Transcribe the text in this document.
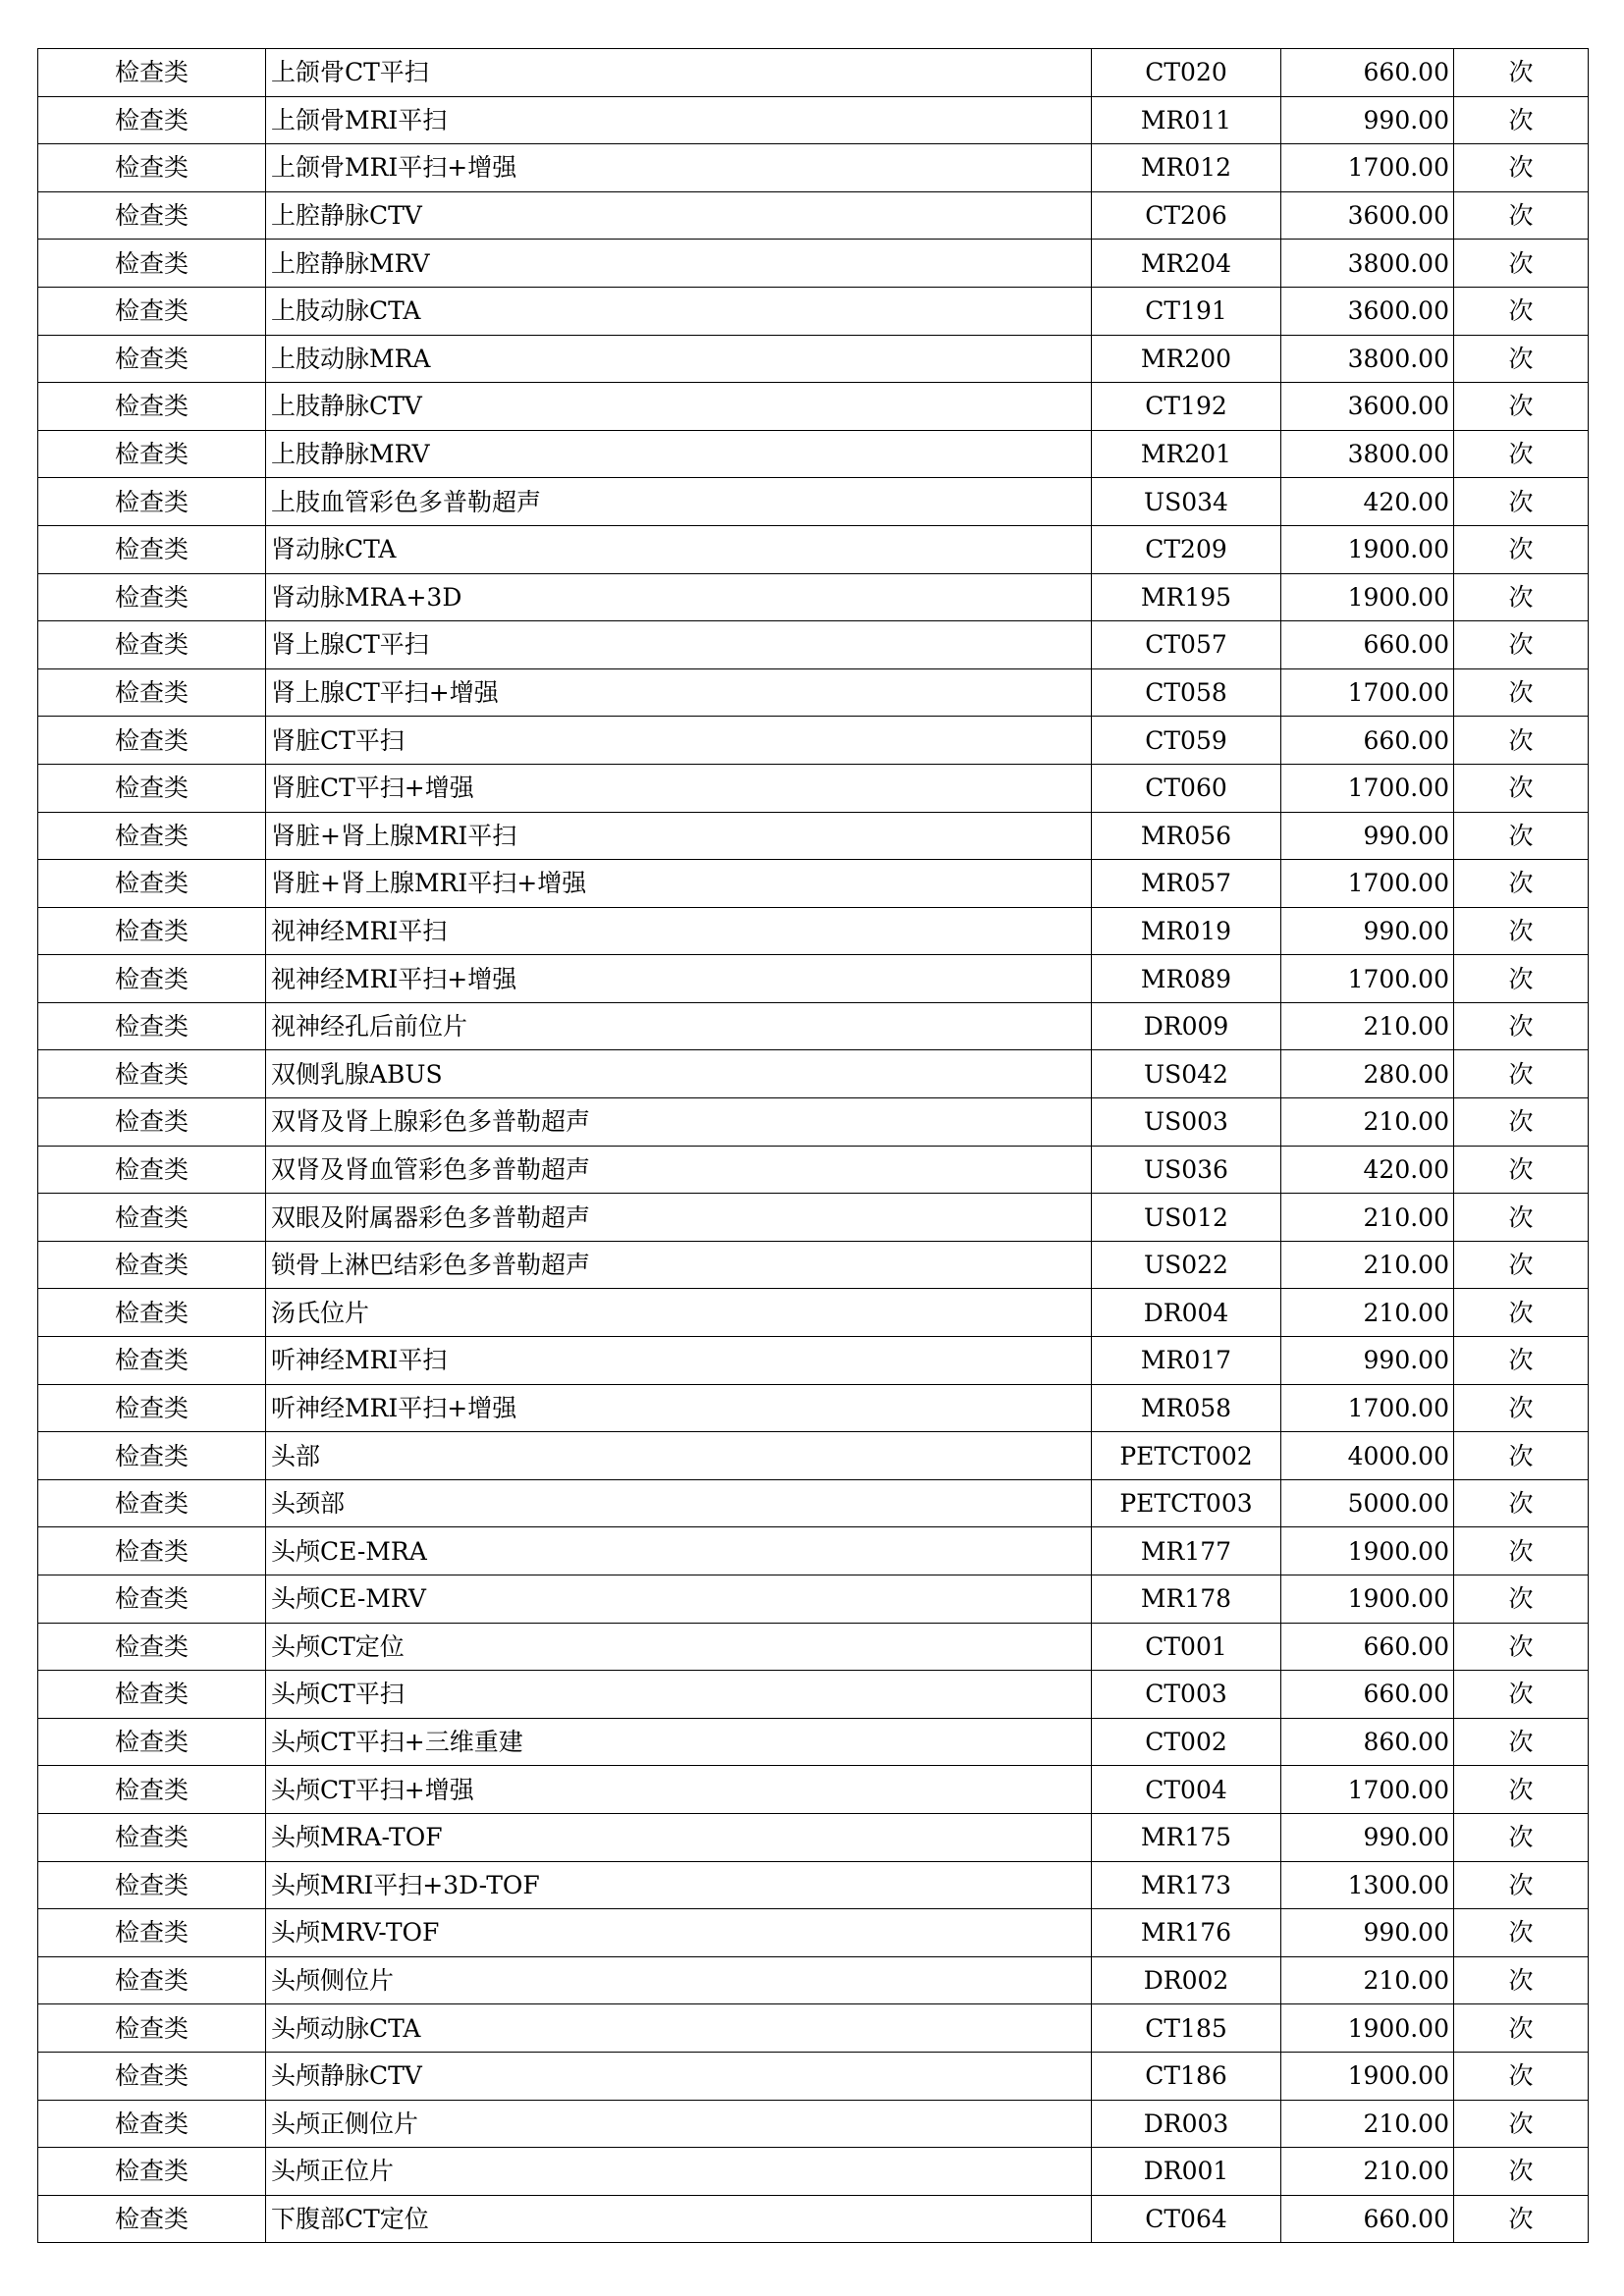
检查类	上颌骨CT平扫	CT020	660.00	次
检查类	上颌骨MRI平扫	MR011	990.00	次
检查类	上颌骨MRI平扫+增强	MR012	1700.00	次
检查类	上腔静脉CTV	CT206	3600.00	次
检查类	上腔静脉MRV	MR204	3800.00	次
检查类	上肢动脉CTA	CT191	3600.00	次
检查类	上肢动脉MRA	MR200	3800.00	次
检查类	上肢静脉CTV	CT192	3600.00	次
检查类	上肢静脉MRV	MR201	3800.00	次
检查类	上肢血管彩色多普勒超声	US034	420.00	次
检查类	肾动脉CTA	CT209	1900.00	次
检查类	肾动脉MRA+3D	MR195	1900.00	次
检查类	肾上腺CT平扫	CT057	660.00	次
检查类	肾上腺CT平扫+增强	CT058	1700.00	次
检查类	肾脏CT平扫	CT059	660.00	次
检查类	肾脏CT平扫+增强	CT060	1700.00	次
检查类	肾脏+肾上腺MRI平扫	MR056	990.00	次
检查类	肾脏+肾上腺MRI平扫+增强	MR057	1700.00	次
检查类	视神经MRI平扫	MR019	990.00	次
检查类	视神经MRI平扫+增强	MR089	1700.00	次
检查类	视神经孔后前位片	DR009	210.00	次
检查类	双侧乳腺ABUS	US042	280.00	次
检查类	双肾及肾上腺彩色多普勒超声	US003	210.00	次
检查类	双肾及肾血管彩色多普勒超声	US036	420.00	次
检查类	双眼及附属器彩色多普勒超声	US012	210.00	次
检查类	锁骨上淋巴结彩色多普勒超声	US022	210.00	次
检查类	汤氏位片	DR004	210.00	次
检查类	听神经MRI平扫	MR017	990.00	次
检查类	听神经MRI平扫+增强	MR058	1700.00	次
检查类	头部	PETCT002	4000.00	次
检查类	头颈部	PETCT003	5000.00	次
检查类	头颅CE-MRA	MR177	1900.00	次
检查类	头颅CE-MRV	MR178	1900.00	次
检查类	头颅CT定位	CT001	660.00	次
检查类	头颅CT平扫	CT003	660.00	次
检查类	头颅CT平扫+三维重建	CT002	860.00	次
检查类	头颅CT平扫+增强	CT004	1700.00	次
检查类	头颅MRA-TOF	MR175	990.00	次
检查类	头颅MRI平扫+3D-TOF	MR173	1300.00	次
检查类	头颅MRV-TOF	MR176	990.00	次
检查类	头颅侧位片	DR002	210.00	次
检查类	头颅动脉CTA	CT185	1900.00	次
检查类	头颅静脉CTV	CT186	1900.00	次
检查类	头颅正侧位片	DR003	210.00	次
检查类	头颅正位片	DR001	210.00	次
检查类	下腹部CT定位	CT064	660.00	次
